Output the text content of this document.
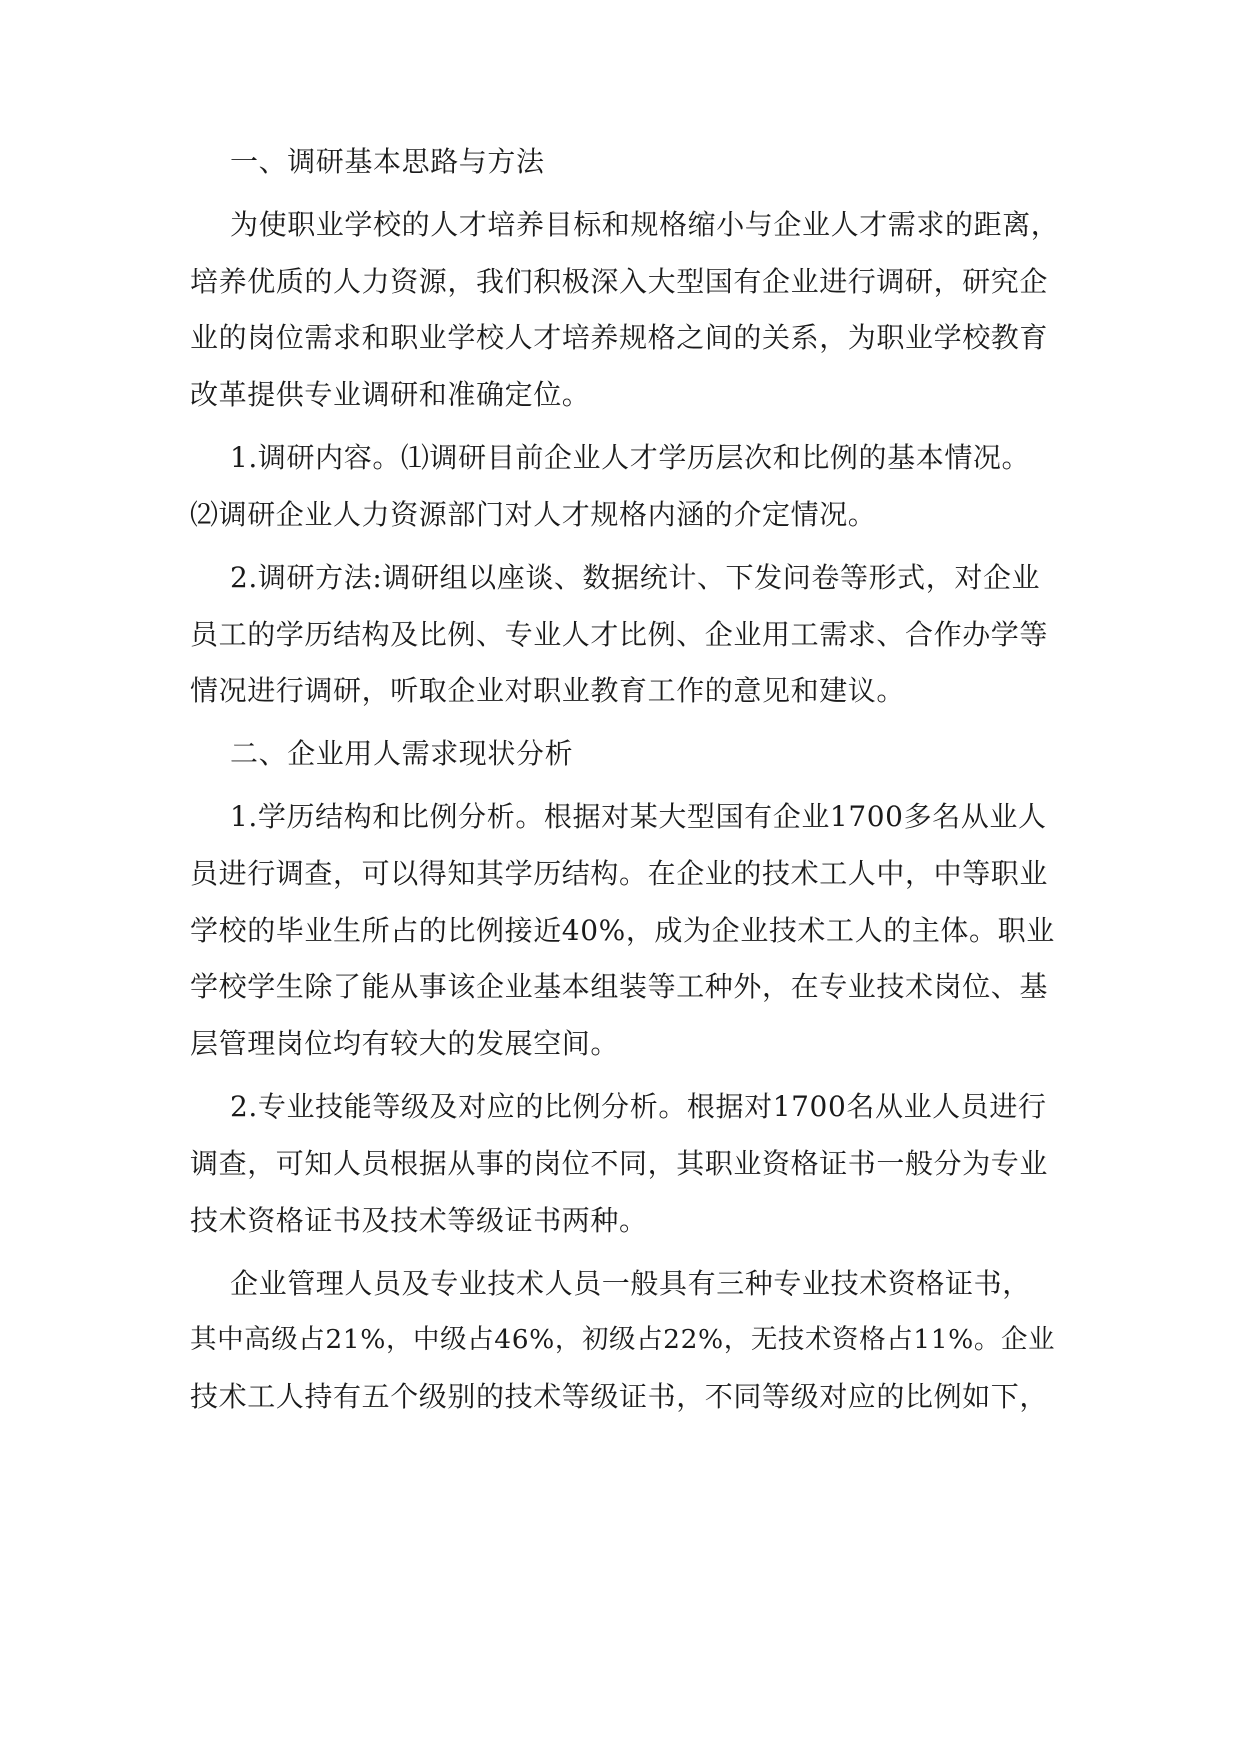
一、调研基本思路与方法
为使职业学校的人才培养目标和规格缩小与企业人才需求的距离，
培养优质的人力资源，我们积极深入大型国有企业进行调研，研究企
业的岗位需求和职业学校人才培养规格之间的关系，为职业学校教育
改革提供专业调研和准确定位。
1.调研内容。⑴调研目前企业人才学历层次和比例的基本情况。
⑵调研企业人力资源部门对人才规格内涵的介定情况。
2.调研方法:调研组以座谈、数据统计、下发问卷等形式，对企业
员工的学历结构及比例、专业人才比例、企业用工需求、合作办学等
情况进行调研，听取企业对职业教育工作的意见和建议。
二、企业用人需求现状分析
1.学历结构和比例分析。根据对某大型国有企业1700多名从业人
员进行调查，可以得知其学历结构。在企业的技术工人中，中等职业
学校的毕业生所占的比例接近40%，成为企业技术工人的主体。职业
学校学生除了能从事该企业基本组装等工种外，在专业技术岗位、基
层管理岗位均有较大的发展空间。
2.专业技能等级及对应的比例分析。根据对1700名从业人员进行
调查，可知人员根据从事的岗位不同，其职业资格证书一般分为专业
技术资格证书及技术等级证书两种。
企业管理人员及专业技术人员一般具有三种专业技术资格证书，
其中高级占21%，中级占46%，初级占22%，无技术资格占11%。企业
技术工人持有五个级别的技术等级证书，不同等级对应的比例如下，
